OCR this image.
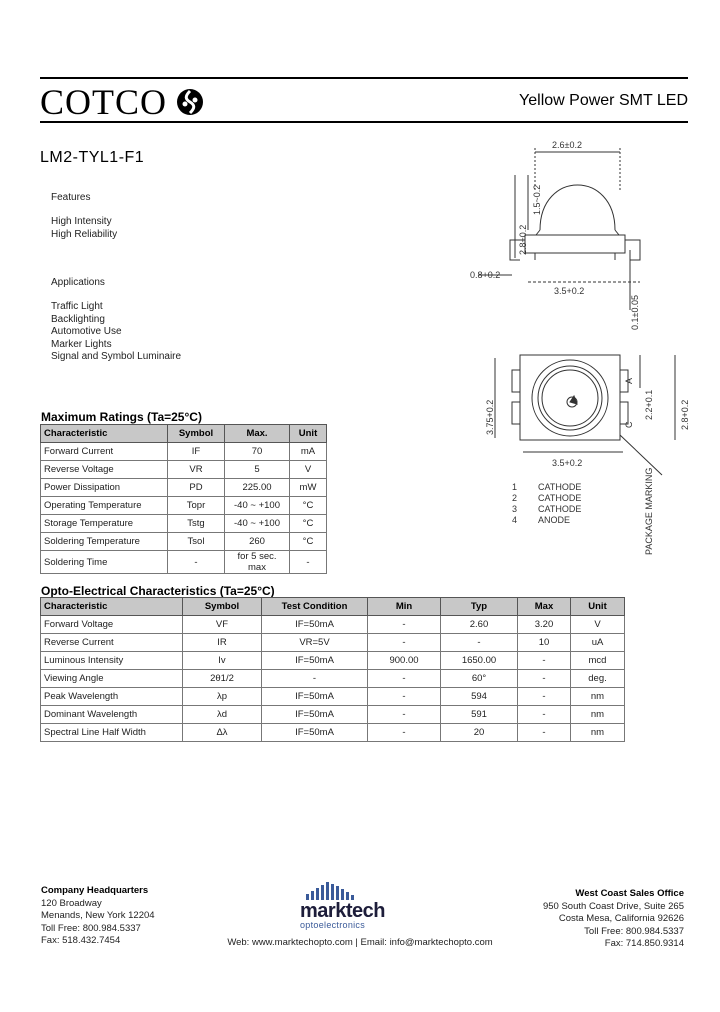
COTCO	Yellow Power SMT LED
LM2-TYL1-F1
Features
High Intensity
High Reliability
Applications
Traffic Light
Backlighting
Automotive Use
Marker Lights
Signal and Symbol Luminaire
2.6±0.2
1.5~0.2
2.8+0.2
0.8+0.2
3.5+0.2
0.1±0.05
3.75+0.2
3.5+0.2
2.2+0.1	2.8+0.2
A
C
PACKAGE MARKING
1 CATHODE
2 CATHODE
3 CATHODE
4 ANODE
Maximum Ratings (Ta=25°C)
Characteristic	Symbol	Max.	Unit
Forward Current	IF	70	mA
Reverse Voltage	VR	5	V
Power Dissipation	PD	225.00	mW
Operating Temperature	Topr	-40 ~ +100	°C
Storage Temperature	Tstg	-40 ~ +100	°C
Soldering Temperature	Tsol	260	°C
Soldering Time	-	for 5 sec. max	-
Opto-Electrical Characteristics (Ta=25°C)
Characteristic	Symbol	Test Condition	Min	Typ	Max	Unit
Forward Voltage	VF	IF=50mA	-	2.60	3.20	V
Reverse Current	IR	VR=5V	-	-	10	uA
Luminous Intensity	Iv	IF=50mA	900.00	1650.00	-	mcd
Viewing Angle	2θ1/2	-	-	60°	-	deg.
Peak Wavelength	λp	IF=50mA	-	594	-	nm
Dominant Wavelength	λd	IF=50mA	-	591	-	nm
Spectral Line Half Width	Δλ	IF=50mA	-	20	-	nm
Company Headquarters
120 Broadway
Menands, New York 12204
Toll Free: 800.984.5337
Fax: 518.432.7454
marktech
optoelectronics
West Coast Sales Office
950 South Coast Drive, Suite 265
Costa Mesa, California 92626
Toll Free: 800.984.5337
Fax: 714.850.9314
Web: www.marktechopto.com | Email: info@marktechopto.com
